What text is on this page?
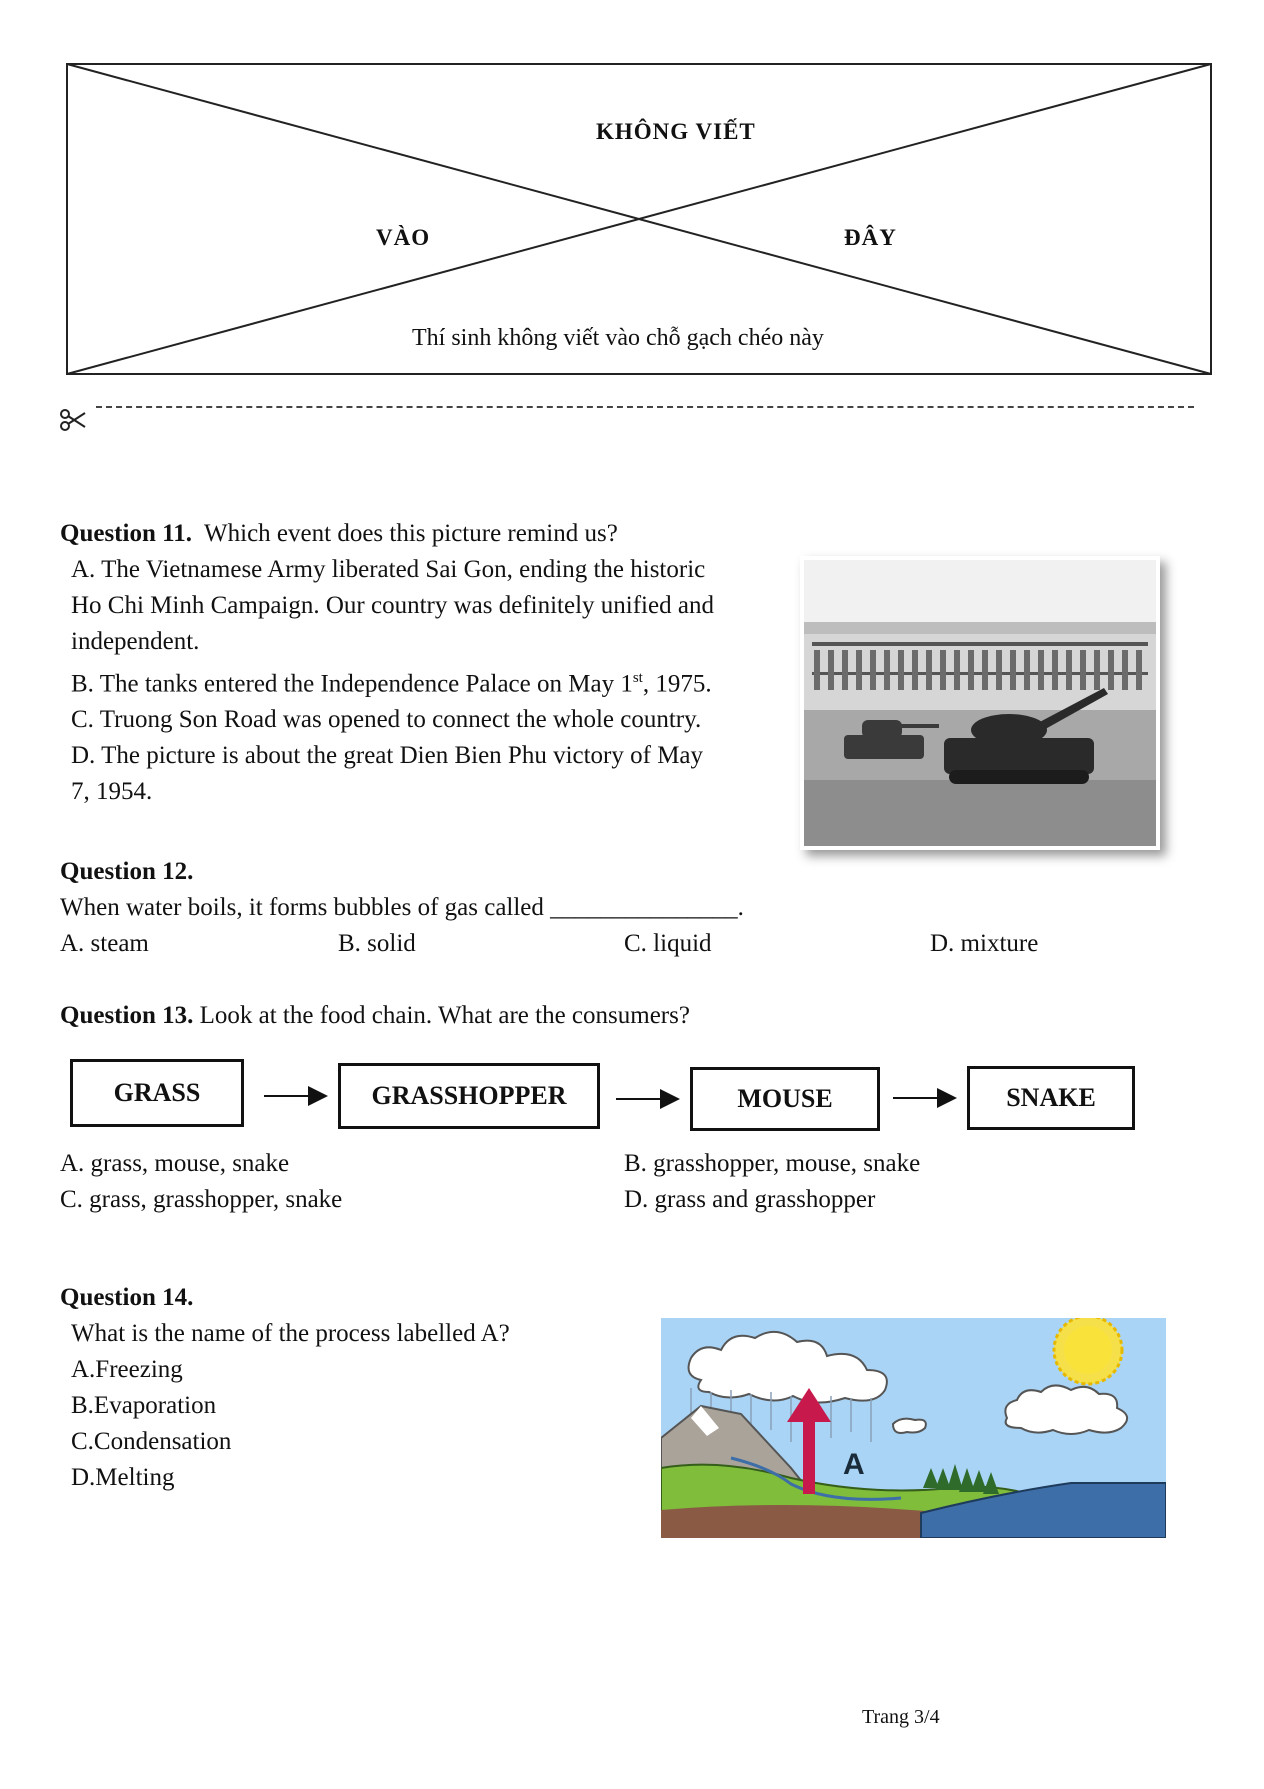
KHÔNG VIẾT
VÀO	ĐÂY
Thí sinh không viết vào chỗ gạch chéo này
Question 11. Which event does this picture remind us?
A. The Vietnamese Army liberated Sai Gon, ending the historic
Ho Chi Minh Campaign. Our country was definitely unified and
independent.
B. The tanks entered the Independence Palace on May 1st, 1975.
C. Truong Son Road was opened to connect the whole country.
D. The picture is about the great Dien Bien Phu victory of May
7, 1954.
Question 12.
When water boils, it forms bubbles of gas called _______________.
A. steam	B. solid	C. liquid	D. mixture
Question 13. Look at the food chain. What are the consumers?
GRASS	GRASSHOPPER	MOUSE	SNAKE
A. grass, mouse, snake	B. grasshopper, mouse, snake
C. grass, grasshopper, snake	D. grass and grasshopper
Question 14.
What is the name of the process labelled A?
A.Freezing
B.Evaporation
C.Condensation
D.Melting	A
Trang 3/4
